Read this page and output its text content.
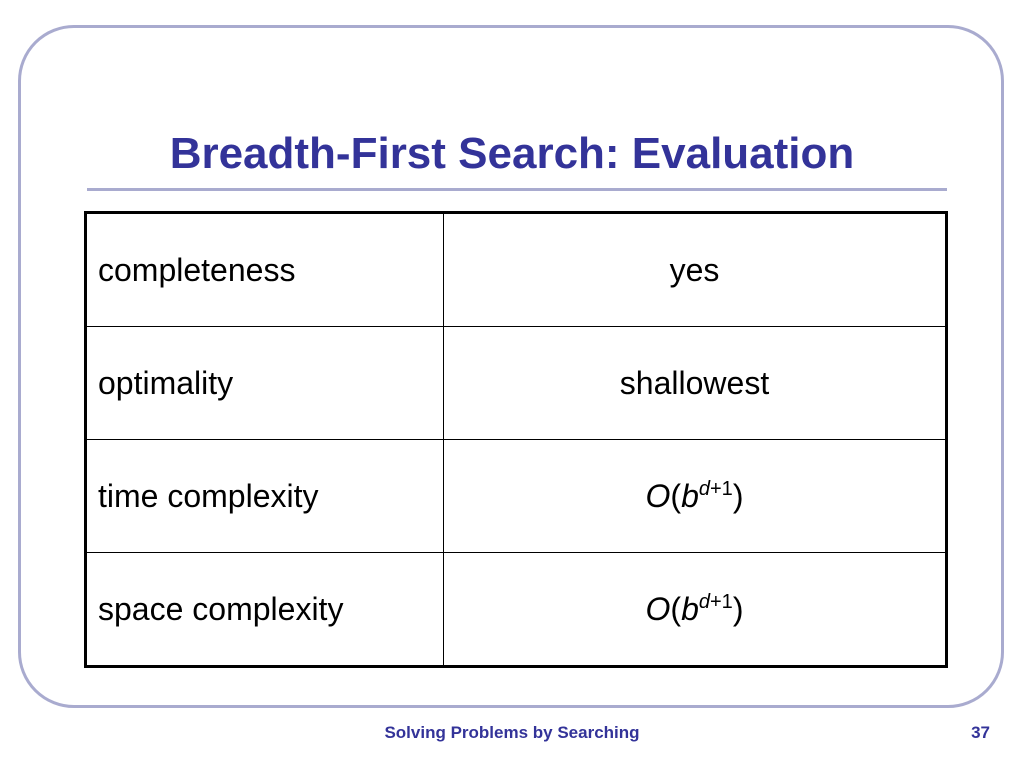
Breadth-First Search: Evaluation
completeness	yes
optimality	shallowest
time complexity	$O(b^{d+1})$
space complexity	$O(b^{d+1})$
Solving Problems by Searching	37
